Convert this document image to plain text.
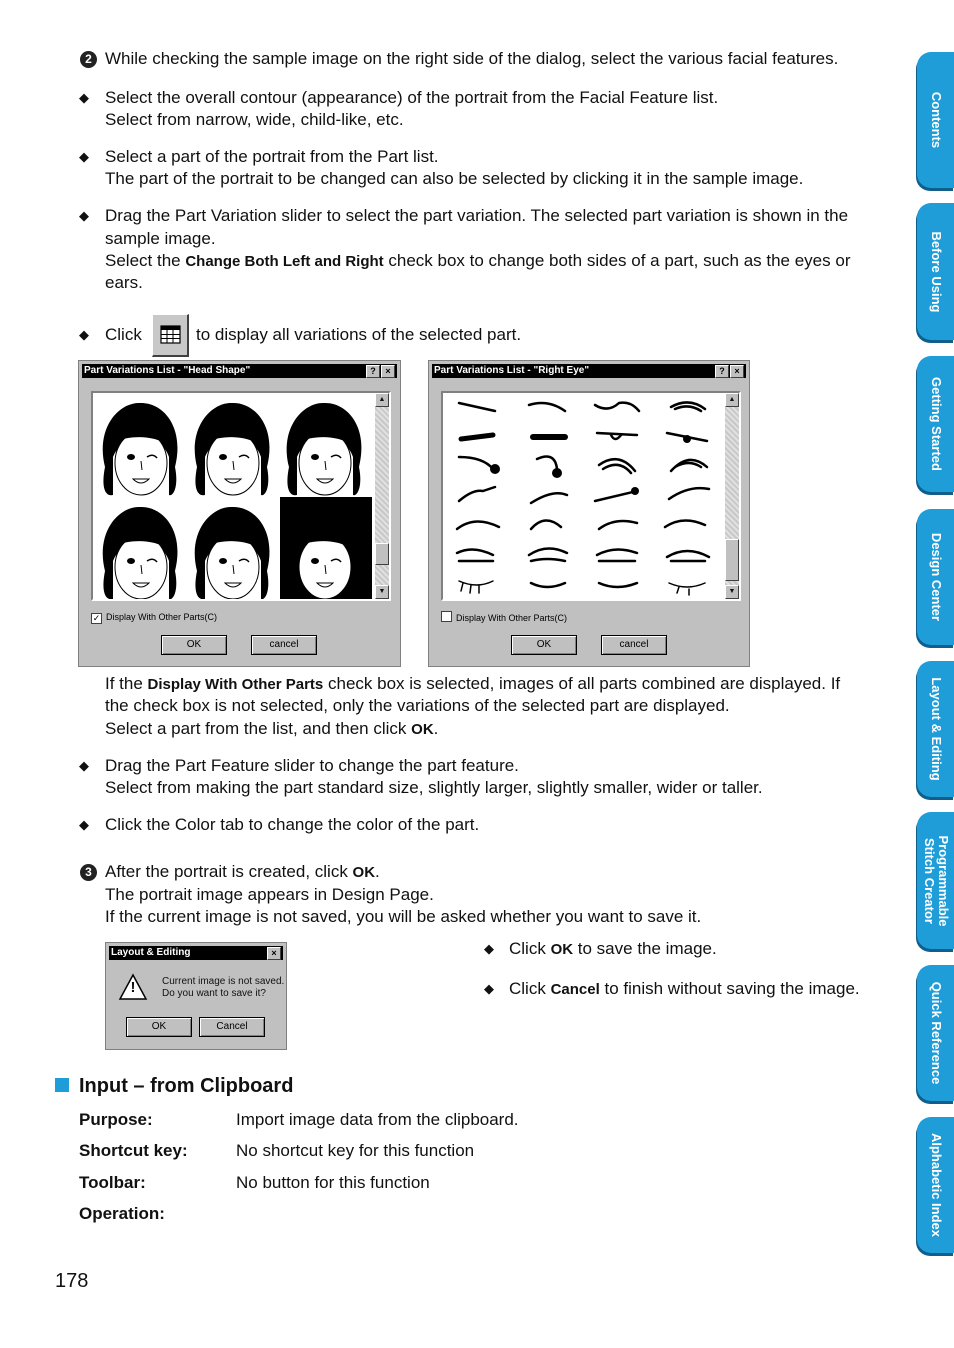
2 While checking the sample image on the right side of the dialog, select the various facial features.
◆ Select the overall contour (appearance) of the portrait from the Facial Feature list.
Select from narrow, wide, child-like, etc.
◆ Select a part of the portrait from the Part list.
The part of the portrait to be changed can also be selected by clicking it in the sample image.
◆ Drag the Part Variation slider to select the part variation. The selected part variation is shown in the
sample image.
Select the Change Both Left and Right check box to change both sides of a part, such as the eyes or
ears.
◆ Click	to display all variations of the selected part.
Part Variations List - "Head Shape"	?	×
▲
▼
✓ Display With Other Parts(C)
OK	cancel
Part Variations List - "Right Eye"	?	×
▲
▼
Display With Other Parts(C)
OK	cancel
If the Display With Other Parts check box is selected, images of all parts combined are displayed. If
the check box is not selected, only the variations of the selected part are displayed.
Select a part from the list, and then click OK.
◆ Drag the Part Feature slider to change the part feature.
Select from making the part standard size, slightly larger, slightly smaller, wider or taller.
◆ Click the Color tab to change the color of the part.
3 After the portrait is created, click OK.
The portrait image appears in Design Page.
If the current image is not saved, you will be asked whether you want to save it.
Layout & Editing	×
!	Current image is not saved.
Do you want to save it?
OK	Cancel
◆ Click OK to save the image.
◆ Click Cancel to finish without saving the image.
Input – from Clipboard
Purpose:	Import image data from the clipboard.
Shortcut key:	No shortcut key for this function
Toolbar:	No button for this function
Operation:
178
Contents
Before Using
Getting Started
Design Center
Layout & Editing
Programmable Stitch Creator
Quick Reference
Alphabetic Index
